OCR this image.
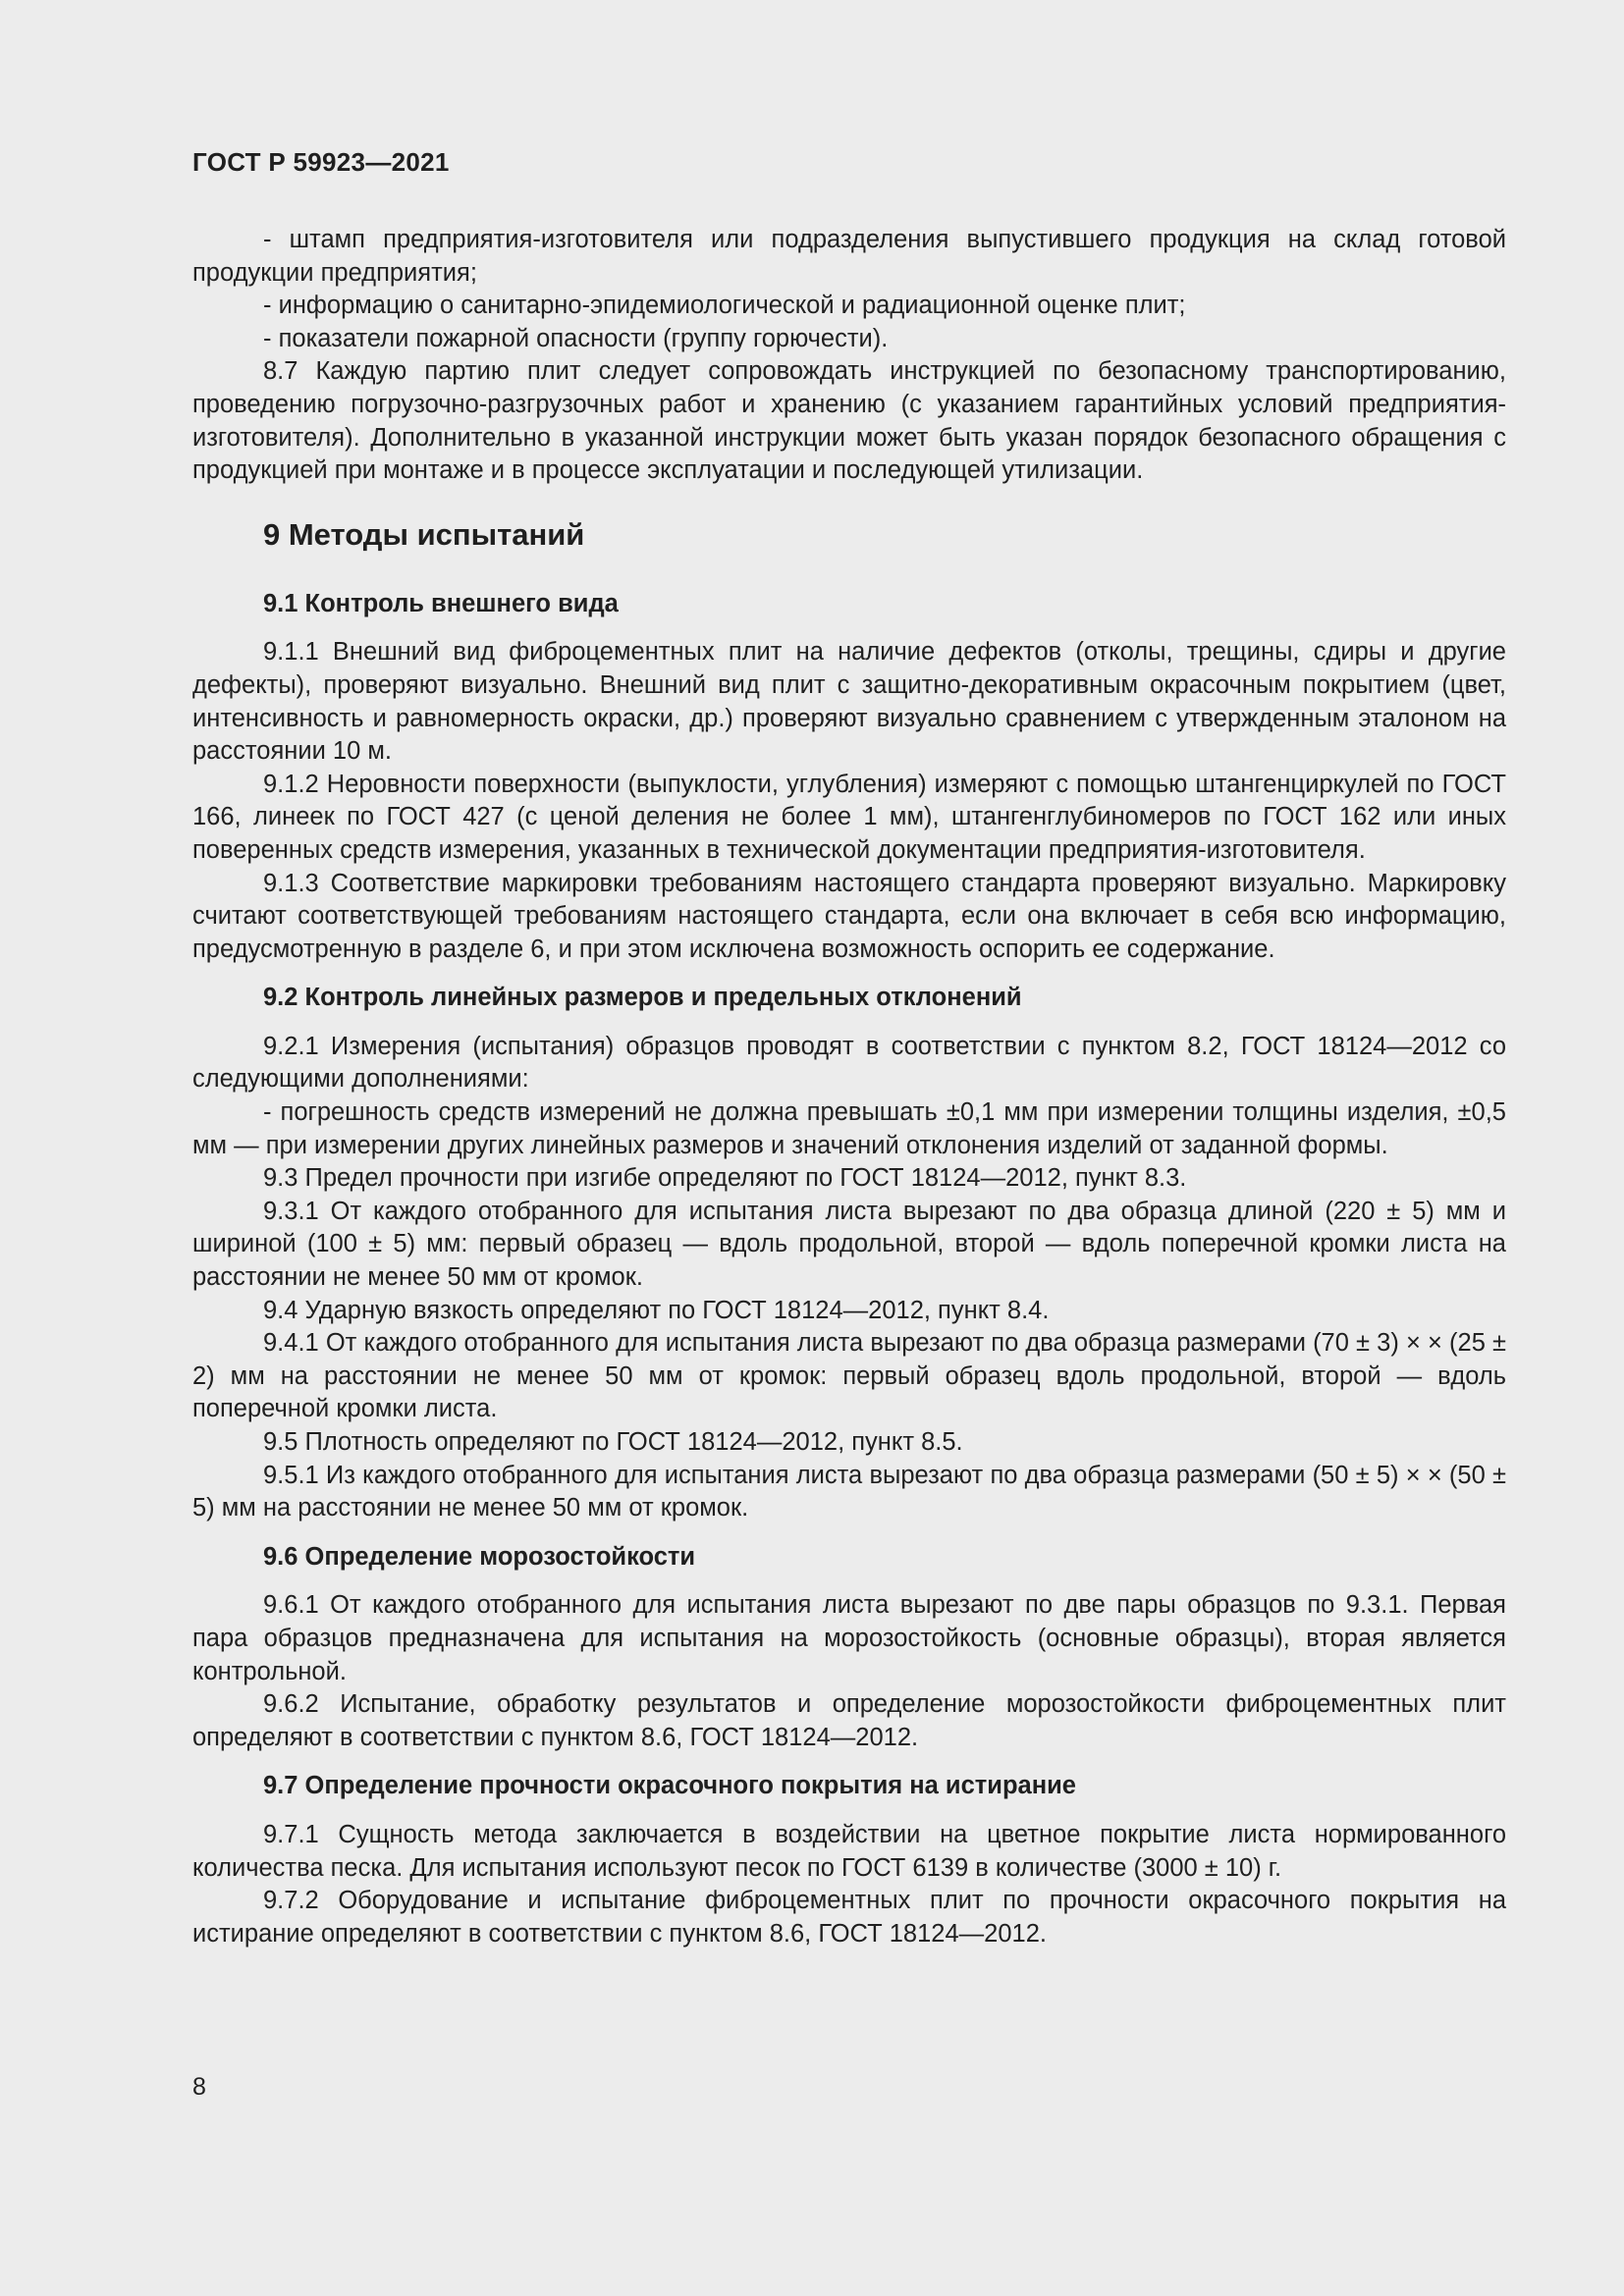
ГОСТ Р 59923—2021

- штамп предприятия-изготовителя или подразделения выпустившего продукция на склад готовой продукции предприятия;

- информацию о санитарно-эпидемиологической и радиационной оценке плит;

- показатели пожарной опасности (группу горючести).

8.7 Каждую партию плит следует сопровождать инструкцией по безопасному транспортированию, проведению погрузочно-разгрузочных работ и хранению (с указанием гарантийных условий предприятия-изготовителя). Дополнительно в указанной инструкции может быть указан порядок безопасного обращения с продукцией при монтаже и в процессе эксплуатации и последующей утилизации.

9 Методы испытаний
9.1 Контроль внешнего вида

9.1.1 Внешний вид фиброцементных плит на наличие дефектов (отколы, трещины, сдиры и другие дефекты), проверяют визуально. Внешний вид плит с защитно-декоративным окрасочным покрытием (цвет, интенсивность и равномерность окраски, др.) проверяют визуально сравнением с утвержденным эталоном на расстоянии 10 м.

9.1.2 Неровности поверхности (выпуклости, углубления) измеряют с помощью штангенциркулей по ГОСТ 166, линеек по ГОСТ 427 (с ценой деления не более 1 мм), штангенглубиномеров по ГОСТ 162 или иных поверенных средств измерения, указанных в технической документации предприятия-изготовителя.

9.1.3 Соответствие маркировки требованиям настоящего стандарта проверяют визуально. Маркировку считают соответствующей требованиям настоящего стандарта, если она включает в себя всю информацию, предусмотренную в разделе 6, и при этом исключена возможность оспорить ее содержание.

9.2 Контроль линейных размеров и предельных отклонений

9.2.1 Измерения (испытания) образцов проводят в соответствии с пунктом 8.2, ГОСТ 18124—2012 со следующими дополнениями:

- погрешность средств измерений не должна превышать ±0,1 мм при измерении толщины изделия, ±0,5 мм — при измерении других линейных размеров и значений отклонения изделий от заданной формы.

9.3 Предел прочности при изгибе определяют по ГОСТ 18124—2012, пункт 8.3.

9.3.1 От каждого отобранного для испытания листа вырезают по два образца длиной (220 ± 5) мм и шириной (100 ± 5) мм: первый образец — вдоль продольной, второй — вдоль поперечной кромки листа на расстоянии не менее 50 мм от кромок.

9.4 Ударную вязкость определяют по ГОСТ 18124—2012, пункт 8.4.

9.4.1 От каждого отобранного для испытания листа вырезают по два образца размерами (70 ± 3) × × (25 ± 2) мм на расстоянии не менее 50 мм от кромок: первый образец вдоль продольной, второй — вдоль поперечной кромки листа.

9.5 Плотность определяют по ГОСТ 18124—2012, пункт 8.5.

9.5.1 Из каждого отобранного для испытания листа вырезают по два образца размерами (50 ± 5) × × (50 ± 5) мм на расстоянии не менее 50 мм от кромок.

9.6 Определение морозостойкости

9.6.1 От каждого отобранного для испытания листа вырезают по две пары образцов по 9.3.1. Первая пара образцов предназначена для испытания на морозостойкость (основные образцы), вторая является контрольной.

9.6.2 Испытание, обработку результатов и определение морозостойкости фиброцементных плит определяют в соответствии с пунктом 8.6, ГОСТ 18124—2012.

9.7 Определение прочности окрасочного покрытия на истирание

9.7.1 Сущность метода заключается в воздействии на цветное покрытие листа нормированного количества песка. Для испытания используют песок по ГОСТ 6139 в количестве (3000 ± 10) г.

9.7.2 Оборудование и испытание фиброцементных плит по прочности окрасочного покрытия на истирание определяют в соответствии с пунктом 8.6, ГОСТ 18124—2012.

8
